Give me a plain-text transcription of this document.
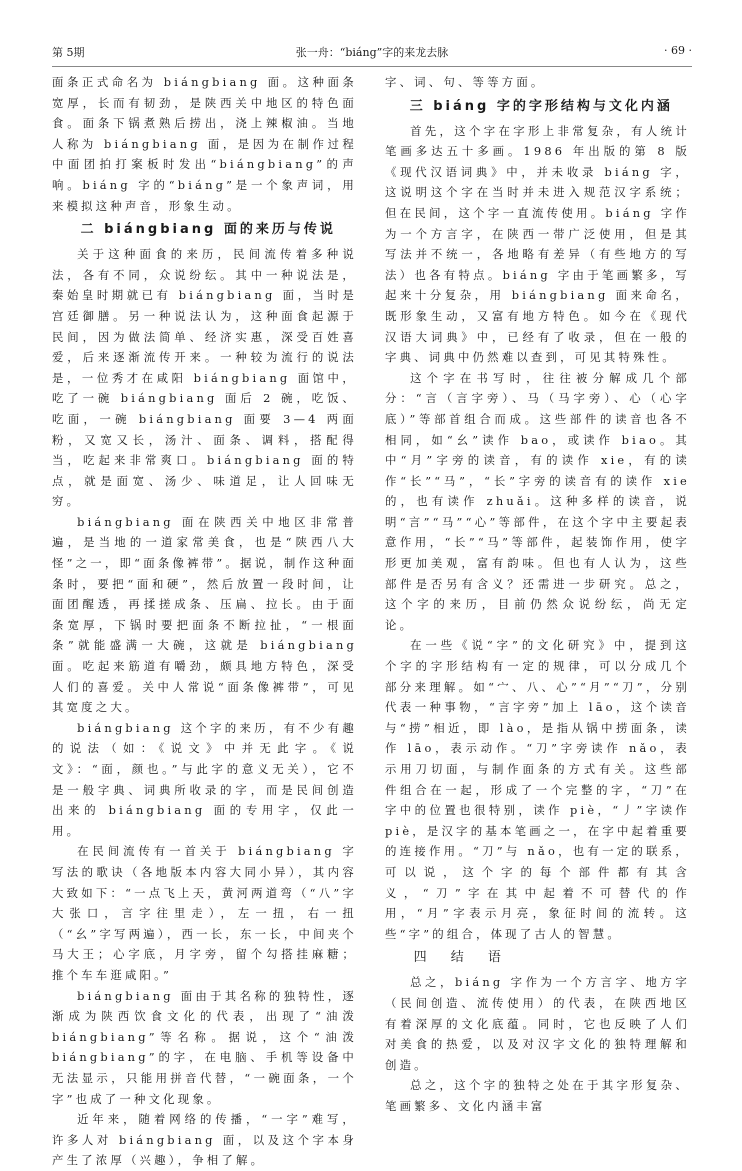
第 5期	张一舟：“biáng”字的来龙去脉	· 69 ·

面条正式命名为 biángbiang 面。这种面条宽厚，长而有韧劲，是陕西关中地区的特色面食。面条下锅煮熟后捞出，浇上辣椒油。当地人称为 biángbiang 面，是因为在制作过程中面团拍打案板时发出“biángbiang”的声响。biáng 字的“biáng”是一个象声词，用来模拟这种声音，形象生动。

二 biángbiang 面的来历与传说

关于这种面食的来历，民间流传着多种说法，各有不同，众说纷纭。其中一种说法是，秦始皇时期就已有 biángbiang 面，当时是宫廷御膳。另一种说法认为，这种面食起源于民间，因为做法简单、经济实惠，深受百姓喜爱，后来逐渐流传开来。一种较为流行的说法是，一位秀才在咸阳 biángbiang 面馆中，吃了一碗 biángbiang 面后 2 碗，吃饭、吃面，一碗 biángbiang 面要 3—4 两面粉，又宽又长，汤汁、面条、调料，搭配得当，吃起来非常爽口。biángbiang 面的特点，就是面宽、汤少、味道足，让人回味无穷。

biángbiang 面在陕西关中地区非常普遍，是当地的一道家常美食，也是“陕西八大怪”之一，即“面条像裤带”。据说，制作这种面条时，要把“面和硬”，然后放置一段时间，让面团醒透，再揉搓成条、压扁、拉长。由于面条宽厚，下锅时要把面条不断拉扯，“一根面条”就能盛满一大碗，这就是 biángbiang 面。吃起来筋道有嚼劲，颇具地方特色，深受人们的喜爱。关中人常说“面条像裤带”，可见其宽度之大。

biángbiang 这个字的来历，有不少有趣的说法（如：《说文》中并无此字。《说文》：“面，颜也。”与此字的意义无关），它不是一般字典、词典所收录的字，而是民间创造出来的 biángbiang 面的专用字，仅此一用。

在民间流传有一首关于 biángbiang 字写法的歌诀（各地版本内容大同小异），其内容大致如下：“一点飞上天，黄河两道弯（“八”字大张口，言字往里走），左一扭，右一扭（“幺”字写两遍），西一长，东一长，中间夹个马大王；心字底，月字旁，留个勾搭挂麻糖；推个车车逛咸阳。”

biángbiang 面由于其名称的独特性，逐渐成为陕西饮食文化的代表，出现了“油泼 biángbiang”等名称。据说，这个“油泼 biángbiang”的字，在电脑、手机等设备中无法显示，只能用拼音代替，“一碗面条，一个字”也成了一种文化现象。

近年来，随着网络的传播，“一字”难写，许多人对 biángbiang 面，以及这个字本身产生了浓厚（兴趣），争相了解。

字、词、句、等等方面。

三 biáng 字的字形结构与文化内涵

首先，这个字在字形上非常复杂，有人统计笔画多达五十多画。1986 年出版的第 8 版《现代汉语词典》中，并未收录 biáng 字，这说明这个字在当时并未进入规范汉字系统；但在民间，这个字一直流传使用。biáng 字作为一个方言字，在陕西一带广泛使用，但是其写法并不统一，各地略有差异（有些地方的写法）也各有特点。biáng 字由于笔画繁多，写起来十分复杂，用 biángbiang 面来命名，既形象生动，又富有地方特色。如今在《现代汉语大词典》中，已经有了收录，但在一般的字典、词典中仍然难以查到，可见其特殊性。

这个字在书写时，往往被分解成几个部分：“言（言字旁）、马（马字旁）、心（心字底）”等部首组合而成。这些部件的读音也各不相同，如“幺”读作 bao，或读作 biao。其中“月”字旁的读音，有的读作 xie，有的读作“长”“马”，“长”字旁的读音有的读作 xie 的，也有读作 zhuǎi。这种多样的读音，说明“言”“马”“心”等部件，在这个字中主要起表意作用，“长”“马”等部件，起装饰作用，使字形更加美观，富有韵味。但也有人认为，这些部件是否另有含义？还需进一步研究。总之，这个字的来历，目前仍然众说纷纭，尚无定论。

在一些《说“字”的文化研究》中，提到这个字的字形结构有一定的规律，可以分成几个部分来理解。如“宀、八、心”“月”“刀”，分别代表一种事物，“言字旁”加上 lāo，这个读音与“捞”相近，即 lào，是指从锅中捞面条，读作 lāo，表示动作。“刀”字旁读作 nǎo，表示用刀切面，与制作面条的方式有关。这些部件组合在一起，形成了一个完整的字，“刀”在字中的位置也很特别，读作 piè，“丿”字读作 piè，是汉字的基本笔画之一，在字中起着重要的连接作用。“刀”与 nǎo，也有一定的联系，可以说，这个字的每个部件都有其含义，“刀”字在其中起着不可替代的作用，“月”字表示月亮，象征时间的流转。这些“字”的组合，体现了古人的智慧。

四 结 语

总之，biáng 字作为一个方言字、地方字（民间创造、流传使用）的代表，在陕西地区有着深厚的文化底蕴。同时，它也反映了人们对美食的热爱，以及对汉字文化的独特理解和创造。

总之，这个字的独特之处在于其字形复杂、笔画繁多、文化内涵丰富
